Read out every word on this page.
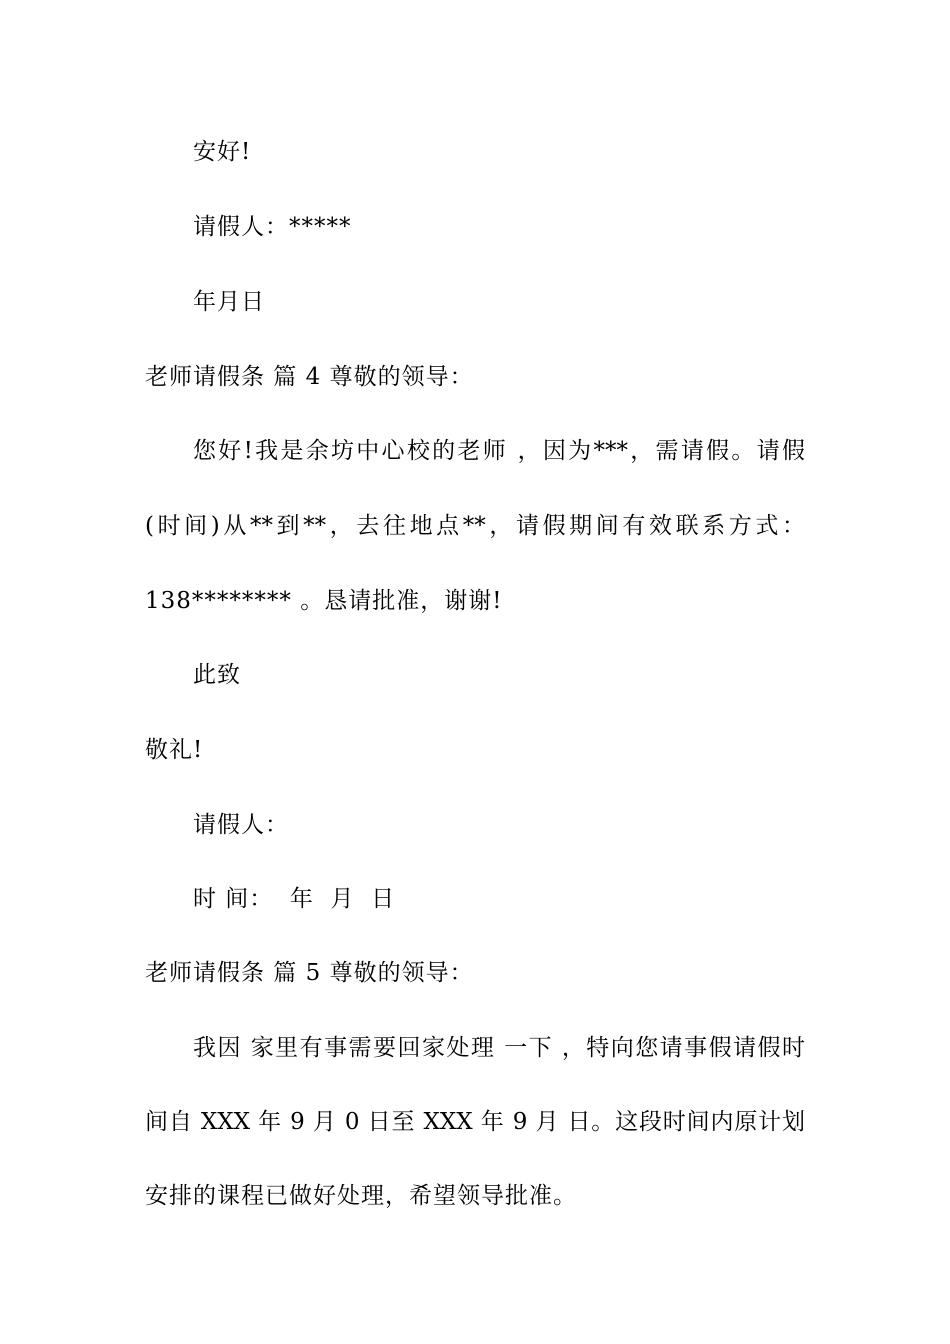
安好!
请假人：*****
年月日
老师请假条 篇 4 尊敬的领导：
您好!我是余坊中心校的老师 ，因为***，需请假。请假
(时间)从**到**，去往地点**，请假期间有效联系方式：
138******** 。恳请批准，谢谢!
此致
敬礼!
请假人：
时 间：  年  月  日
老师请假条 篇 5 尊敬的领导：
我因 家里有事需要回家处理 一下 ，特向您请事假请假时
间自 XXX 年 9 月 0 日至 XXX 年 9 月 日。这段时间内原计划
安排的课程已做好处理，希望领导批准。
